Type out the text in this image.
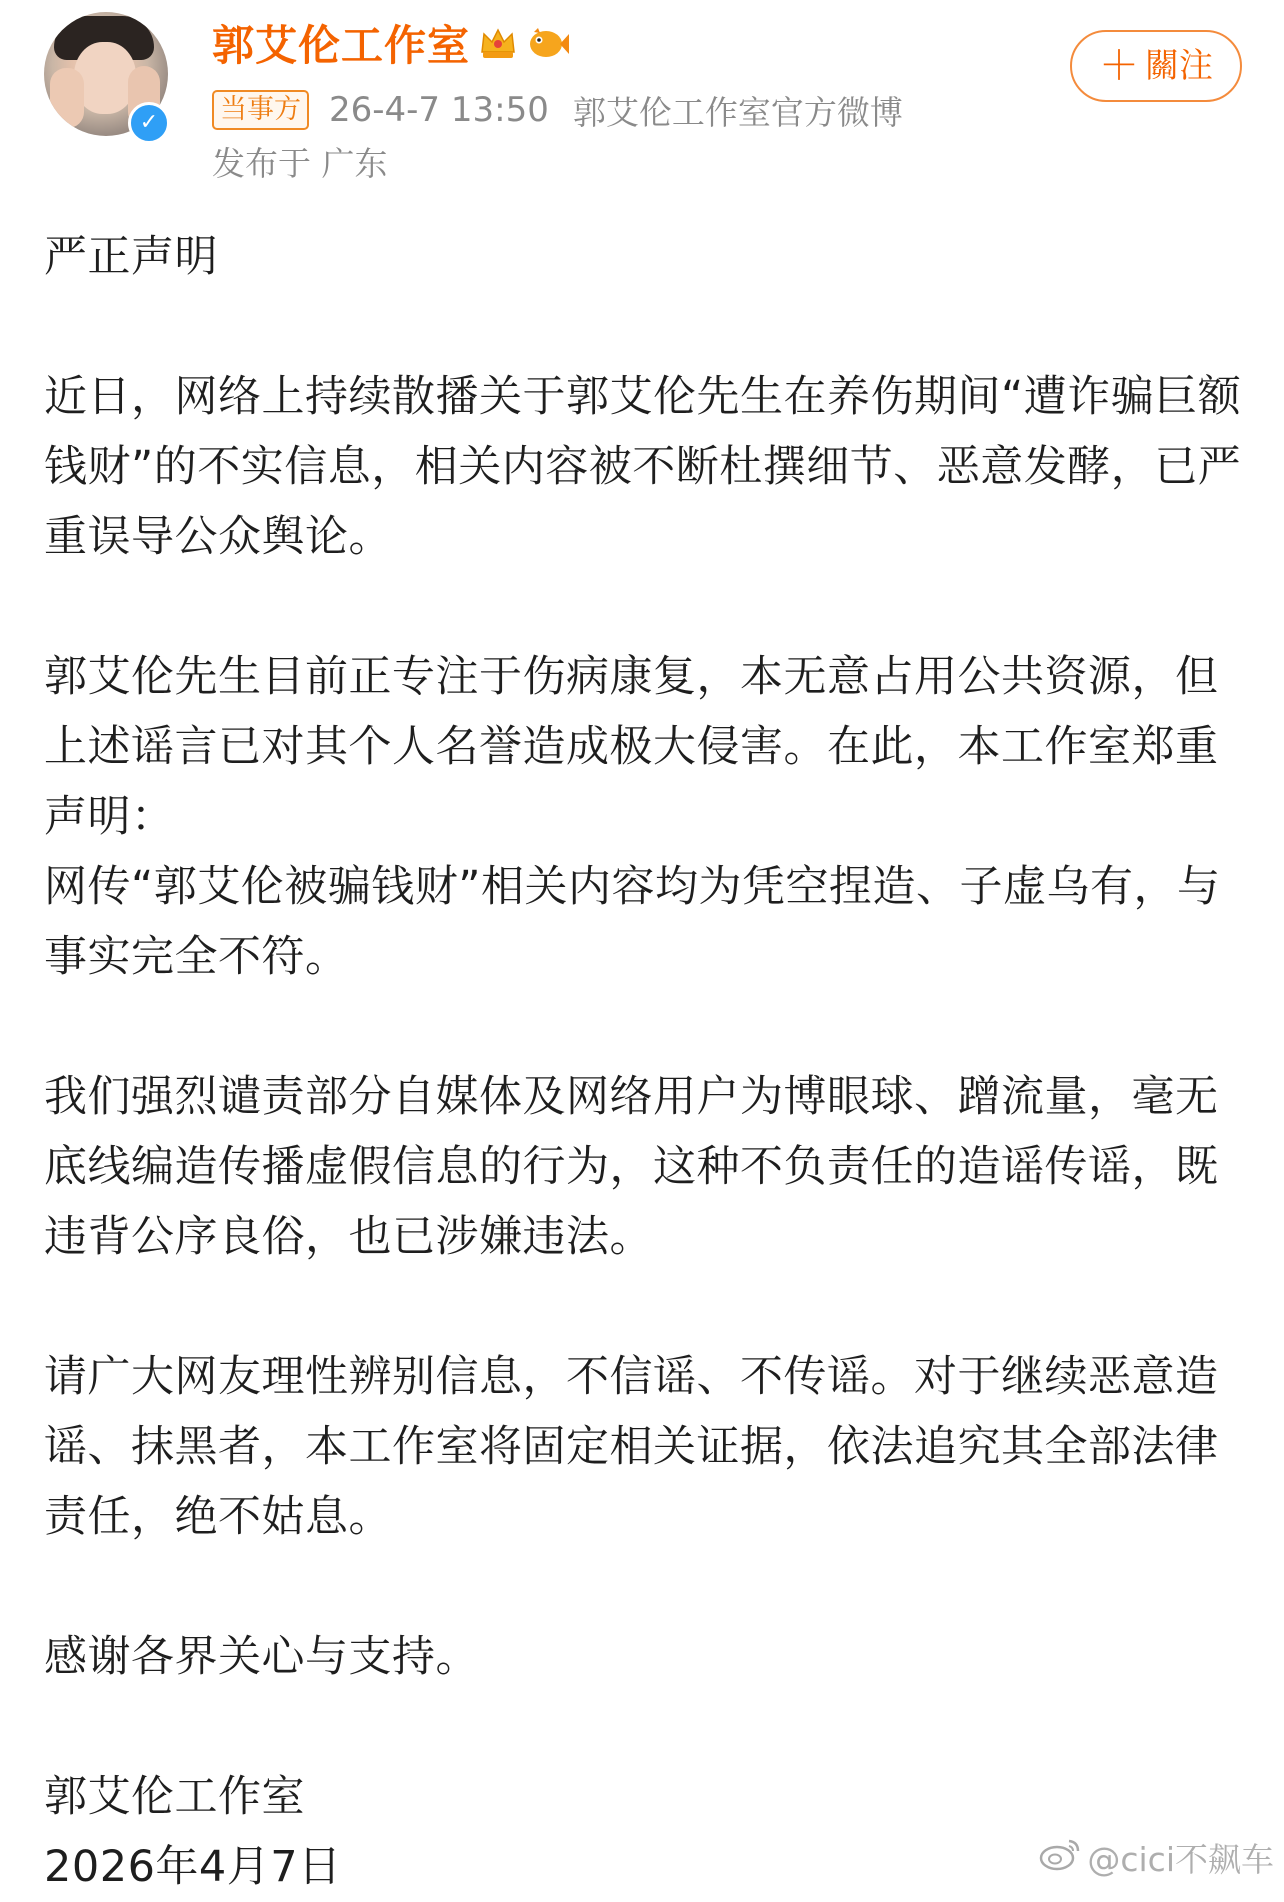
✓
郭艾伦工作室
当事方 26-4-7 13:50 郭艾伦工作室官方微博
发布于 广东
＋ 關注

严正声明

近日，网络上持续散播关于郭艾伦先生在养伤期间“遭诈骗巨额钱财”的不实信息，相关内容被不断杜撰细节、恶意发酵，已严重误导公众舆论。

郭艾伦先生目前正专注于伤病康复，本无意占用公共资源，但上述谣言已对其个人名誉造成极大侵害。在此，本工作室郑重声明：

网传“郭艾伦被骗钱财”相关内容均为凭空捏造、子虚乌有，与事实完全不符。

我们强烈谴责部分自媒体及网络用户为博眼球、蹭流量，毫无底线编造传播虚假信息的行为，这种不负责任的造谣传谣，既违背公序良俗，也已涉嫌违法。

请广大网友理性辨别信息，不信谣、不传谣。对于继续恶意造谣、抹黑者，本工作室将固定相关证据，依法追究其全部法律责任，绝不姑息。

感谢各界关心与支持。

郭艾伦工作室

2026年4月7日	@cici不飙车
